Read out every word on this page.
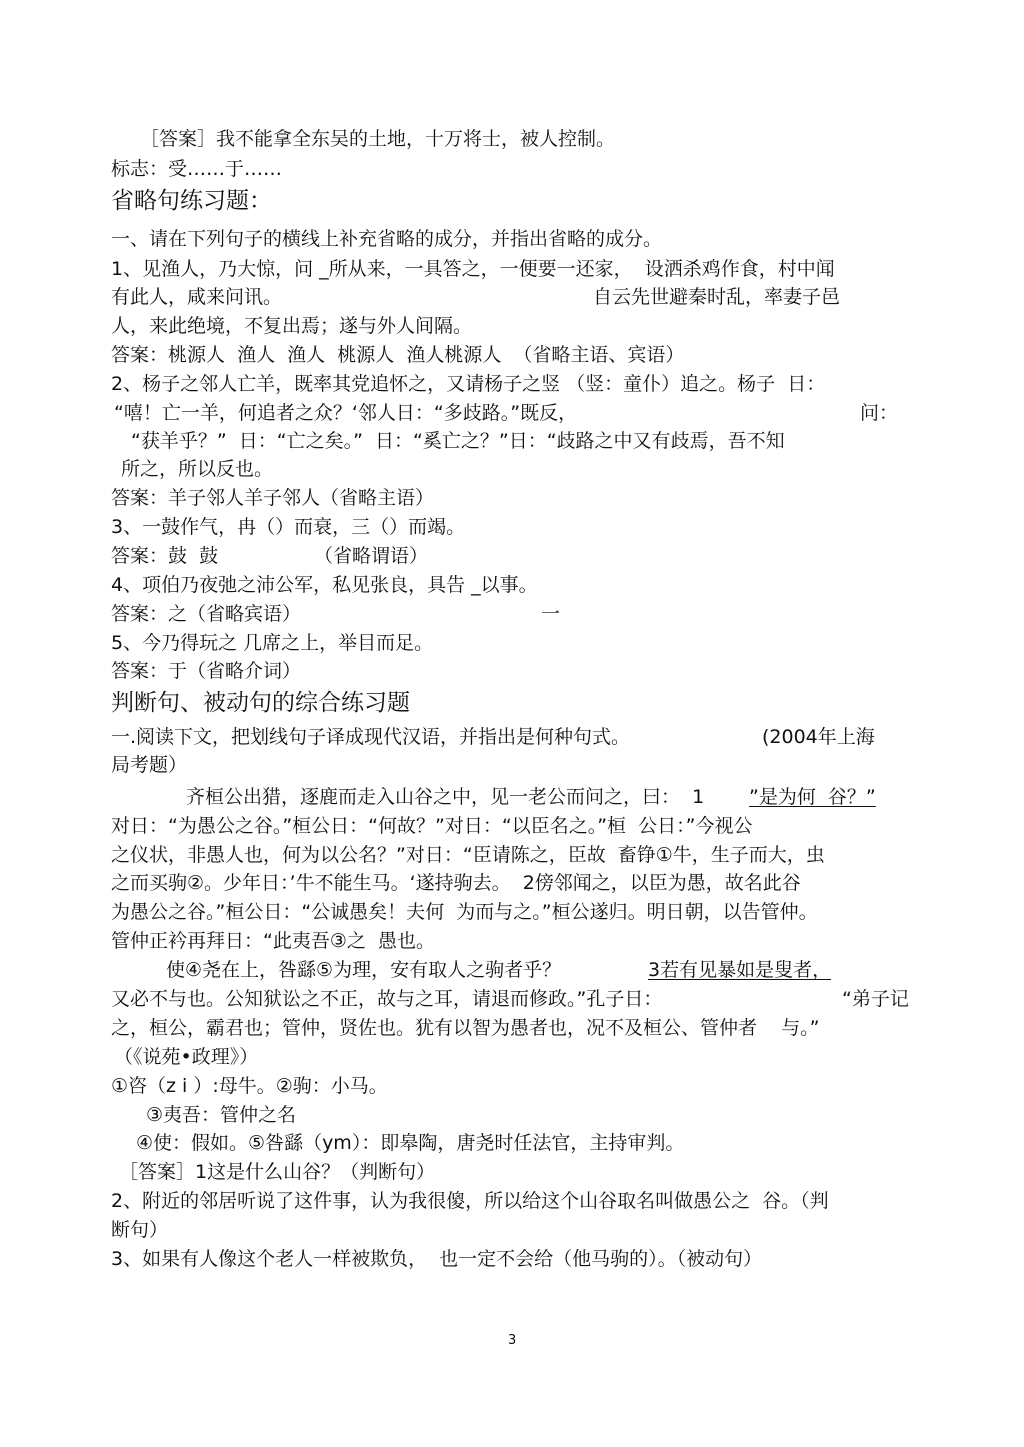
［答案］我不能拿全东吴的土地，十万将士，被人控制。
标志：受……于……
省略句练习题：
一、请在下列句子的横线上补充省略的成分，并指出省略的成分。
1、见渔人，乃大惊，问 _所从来，一具答之，一便要一还家，  设洒杀鸡作食，村中闻
有此人，咸来问讯。	自云先世避秦时乱，率妻子邑
人，来此绝境，不复出焉；遂与外人间隔。
答案：桃源人  渔人  渔人  桃源人  渔人桃源人  （省略主语、宾语）
2、杨子之邻人亡羊，既率其党追怀之，又请杨子之竖 （竖：童仆）追之。杨子  日：
“嘻！亡一羊，何追者之众？‘邻人日：“多歧路。”既反，	问：
“获羊乎？”  日：“亡之矣。”  日：“奚亡之？”日：“歧路之中又有歧焉，吾不知
所之，所以反也。
答案：羊子邻人羊子邻人（省略主语）
3、一鼓作气，冉（）而衰，三（）而竭。
答案：鼓  鼓	（省略谓语）
4、项伯乃夜弛之沛公军，私见张良，具告 _以事。
答案：之（省略宾语）	一
5、今乃得玩之 几席之上，举目而足。
答案：于（省略介词）
判断句、被动句的综合练习题
一.阅读下文，把划线句子译成现代汉语，并指出是何种句式。	(2004年上海
局考题）
齐桓公出猎，逐鹿而走入山谷之中，见一老公而问之，曰：  1 ”是为何  谷？”
对日：“为愚公之谷。”桓公日：“何故？”对日：“以臣名之。”桓  公日：”今视公
之仪状，非愚人也，何为以公名？”对日：“臣请陈之，臣故  畜铮①牛，生子而大，虫
之而买驹②。少年日：’牛不能生马。‘遂持驹去。  2傍邻闻之，以臣为愚，故名此谷
为愚公之谷。”桓公日：“公诚愚矣！夫何  为而与之。”桓公遂归。明日朝，以告管仲。
管仲正衿再拜日：“此夷吾③之  愚也。
使④尧在上，咎繇⑤为理，安有取人之驹者乎？	3若有见暴如是叟者，
又必不与也。公知狱讼之不正，故与之耳，请退而修政。”孔子日：	“弟子记
之，桓公，霸君也；管仲，贤佐也。犹有以智为愚者也，况不及桓公、管仲者    与。”
（《说苑•政理》）
①咨（z i ）:母牛。②驹：小马。
③夷吾：管仲之名
④使：假如。⑤咎繇（ym）：即皋陶，唐尧时任法官，主持审判。
［答案］1这是什么山谷？（判断句）
2、附近的邻居听说了这件事，认为我很傻，所以给这个山谷取名叫做愚公之  谷。（判
断句）
3、如果有人像这个老人一样被欺负，  也一定不会给（他马驹的）。（被动句）
3
